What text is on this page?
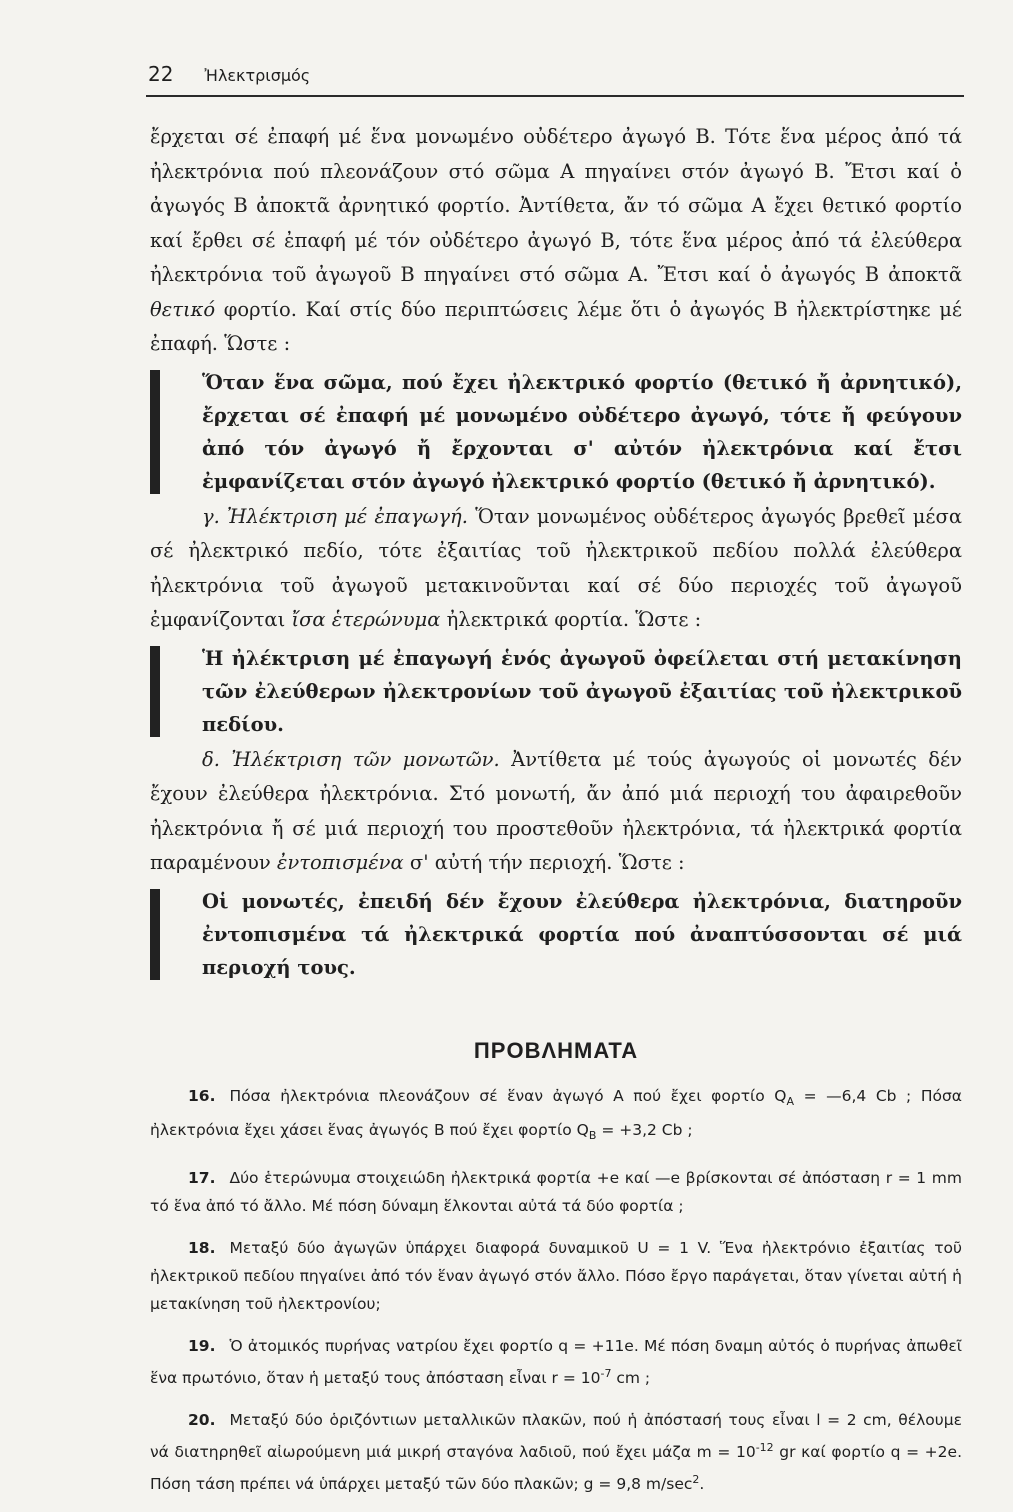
22 Ἠλεκτρισμός

ἔρχεται σέ ἐπαφή μέ ἕνα μονωμένο οὐδέτερο ἀγωγό Β. Τότε ἕνα μέρος ἀπό τά ἠλεκτρόνια πού πλεονάζουν στό σῶμα Α πηγαίνει στόν ἀγωγό Β. Ἔτσι καί ὁ ἀγωγός Β ἀποκτᾶ ἀρνητικό φορτίο. Ἀντίθετα, ἄν τό σῶμα Α ἔχει θετικό φορτίο καί ἔρθει σέ ἐπαφή μέ τόν οὐδέτερο ἀγωγό Β, τότε ἕνα μέρος ἀπό τά ἐλεύθερα ἠλεκτρόνια τοῦ ἀγωγοῦ Β πηγαίνει στό σῶμα Α. Ἔτσι καί ὁ ἀγωγός Β ἀποκτᾶ θετικό φορτίο. Καί στίς δύο περιπτώσεις λέμε ὅτι ὁ ἀγωγός Β ἠλεκτρίστηκε μέ ἐπαφή. Ὥστε :

Ὅταν ἕνα σῶμα, πού ἔχει ἠλεκτρικό φορτίο (θετικό ἤ ἀρνητικό), ἔρχεται σέ ἐπαφή μέ μονωμένο οὐδέτερο ἀγωγό, τότε ἤ φεύγουν ἀπό τόν ἀγωγό ἤ ἔρχονται σ' αὐτόν ἠλεκτρόνια καί ἔτσι ἐμφανίζεται στόν ἀγωγό ἠλεκτρικό φορτίο (θετικό ἤ ἀρνητικό).

γ. Ἠλέκτριση μέ ἐπαγωγή. Ὅταν μονωμένος οὐδέτερος ἀγωγός βρεθεῖ μέσα σέ ἠλεκτρικό πεδίο, τότε ἐξαιτίας τοῦ ἠλεκτρικοῦ πεδίου πολλά ἐλεύθερα ἠλεκτρόνια τοῦ ἀγωγοῦ μετακινοῦνται καί σέ δύο περιοχές τοῦ ἀγωγοῦ ἐμφανίζονται ἴσα ἑτερώνυμα ἠλεκτρικά φορτία. Ὥστε :

Ἡ ἠλέκτριση μέ ἐπαγωγή ἑνός ἀγωγοῦ ὀφείλεται στή μετακίνηση τῶν ἐλεύθερων ἠλεκτρονίων τοῦ ἀγωγοῦ ἐξαιτίας τοῦ ἠλεκτρικοῦ πεδίου.

δ. Ἠλέκτριση τῶν μονωτῶν. Ἀντίθετα μέ τούς ἀγωγούς οἱ μονωτές δέν ἔχουν ἐλεύθερα ἠλεκτρόνια. Στό μονωτή, ἄν ἀπό μιά περιοχή του ἀφαιρεθοῦν ἠλεκτρόνια ἤ σέ μιά περιοχή του προστεθοῦν ἠλεκτρόνια, τά ἠλεκτρικά φορτία παραμένουν ἐντοπισμένα σ' αὐτή τήν περιοχή. Ὥστε :

Οἱ μονωτές, ἐπειδή δέν ἔχουν ἐλεύθερα ἠλεκτρόνια, διατηροῦν ἐντοπισμένα τά ἠλεκτρικά φορτία πού ἀναπτύσσονται σέ μιά περιοχή τους.
ΠΡΟΒΛΗΜΑΤΑ

16. Πόσα ἠλεκτρόνια πλεονάζουν σέ ἕναν ἀγωγό Α πού ἔχει φορτίο $Q_A$ = —6,4 Cb ; Πόσα ἠλεκτρόνια ἔχει χάσει ἕνας ἀγωγός Β πού ἔχει φορτίο $Q_B = +3,2$ Cb ;

17. Δύο ἑτερώνυμα στοιχειώδη ἠλεκτρικά φορτία +e καί —e βρίσκονται σέ ἀπόσταση r = 1 mm τό ἕνα ἀπό τό ἄλλο. Μέ πόση δύναμη ἕλκονται αὐτά τά δύο φορτία ;

18. Μεταξύ δύο ἀγωγῶν ὑπάρχει διαφορά δυναμικοῦ U = 1 V. Ἕνα ἠλεκτρόνιο ἐξαιτίας τοῦ ἠλεκτρικοῦ πεδίου πηγαίνει ἀπό τόν ἕναν ἀγωγό στόν ἄλλο. Πόσο ἔργο παράγεται, ὅταν γίνεται αὐτή ἡ μετακίνηση τοῦ ἠλεκτρονίου;

19. Ὁ ἀτομικός πυρήνας νατρίου ἔχει φορτίο q = +11e. Μέ πόση δναμη αὐτός ὁ πυρήνας ἀπωθεῖ ἕνα πρωτόνιο, ὅταν ἡ μεταξύ τους ἀπόσταση εἶναι $r = 10^{-7}$ cm ;

20. Μεταξύ δύο ὁριζόντιων μεταλλικῶν πλακῶν, πού ἡ ἀπόστασή τους εἶναι l = 2 cm, θέλουμε νά διατηρηθεῖ αἰωρούμενη μιά μικρή σταγόνα λαδιοῦ, πού ἔχει μάζα $m = 10^{-12}$ gr καί φορτίο q = +2e. Πόση τάση πρέπει νά ὑπάρχει μεταξύ τῶν δύο πλακῶν; g = 9,8 $m/\sec^2$.
